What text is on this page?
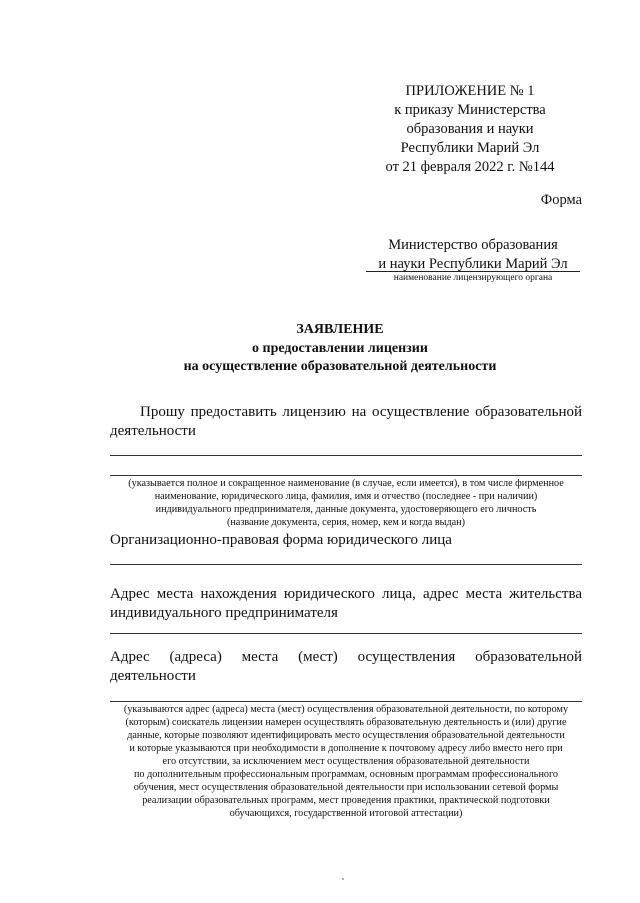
ПРИЛОЖЕНИЕ № 1
к приказу Министерства
образования и науки
Республики Марий Эл
от 21 февраля 2022 г. №144
Форма
Министерство образования
и науки Республики Марий Эл
наименование лицензирующего органа
ЗАЯВЛЕНИЕ
о предоставлении лицензии
на осуществление образовательной деятельности
Прошу предоставить лицензию на осуществление образовательной деятельности
(указывается полное и сокращенное наименование (в случае, если имеется), в том числе фирменное
наименование, юридического лица, фамилия, имя и отчество (последнее - при наличии)
индивидуального предпринимателя, данные документа, удостоверяющего его личность
(название документа, серия, номер, кем и когда выдан)
Организационно-правовая форма юридического лица
Адрес места нахождения юридического лица, адрес места жительства индивидуального предпринимателя
Адрес (адреса) места (мест) осуществления образовательной
деятельности
(указываются адрес (адреса) места (мест) осуществления образовательной деятельности, по которому
(которым) соискатель лицензии намерен осуществлять образовательную деятельность и (или) другие
данные, которые позволяют идентифицировать место осуществления образовательной деятельности
и которые указываются при необходимости в дополнение к почтовому адресу либо вместо него при
его отсутствии, за исключением мест осуществления образовательной деятельности
по дополнительным профессиональным программам, основным программам профессионального
обучения, мест осуществления образовательной деятельности при использовании сетевой формы
реализации образовательных программ, мест проведения практики, практической подготовки
обучающихся, государственной итоговой аттестации)
